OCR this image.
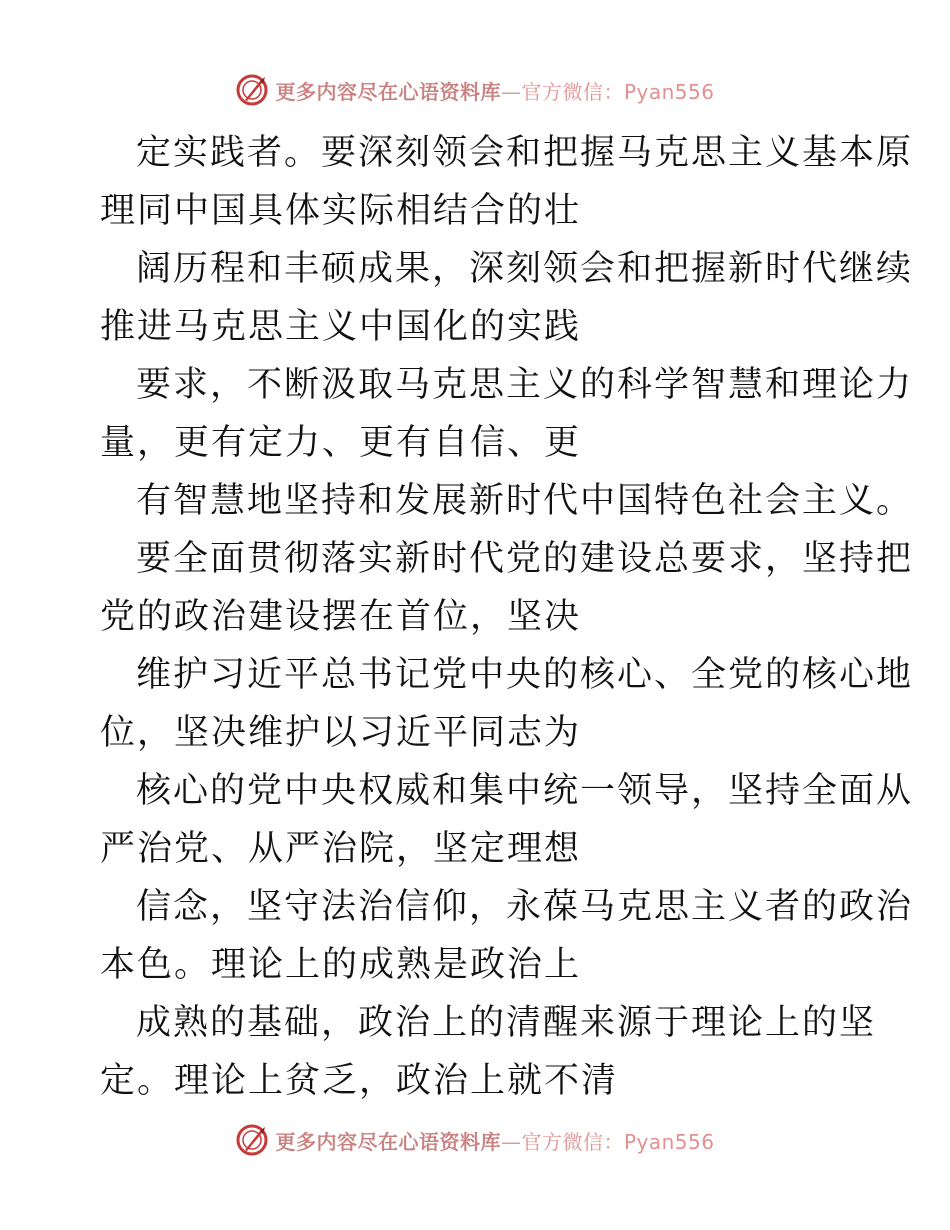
更多内容尽在心语资料库—官方微信：Pyan556
定实践者。要深刻领会和把握马克思主义基本原
理同中国具体实际相结合的壮
阔历程和丰硕成果，深刻领会和把握新时代继续
推进马克思主义中国化的实践
要求，不断汲取马克思主义的科学智慧和理论力
量，更有定力、更有自信、更
有智慧地坚持和发展新时代中国特色社会主义。
要全面贯彻落实新时代党的建设总要求，坚持把
党的政治建设摆在首位，坚决
维护习近平总书记党中央的核心、全党的核心地
位，坚决维护以习近平同志为
核心的党中央权威和集中统一领导，坚持全面从
严治党、从严治院，坚定理想
信念，坚守法治信仰，永葆马克思主义者的政治
本色。理论上的成熟是政治上
成熟的基础，政治上的清醒来源于理论上的坚
定。理论上贫乏，政治上就不清
更多内容尽在心语资料库—官方微信：Pyan556
